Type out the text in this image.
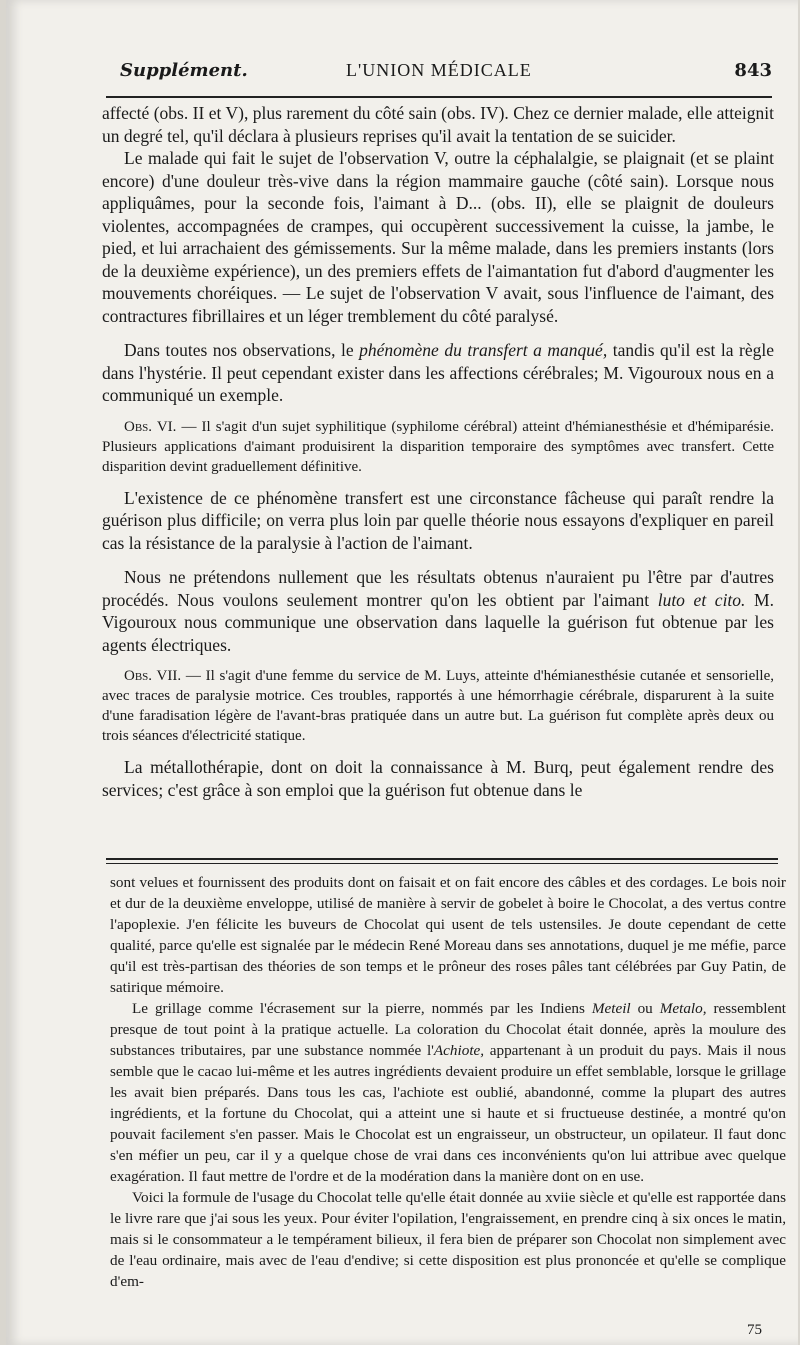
Supplément.	L'UNION MÉDICALE	843

affecté (obs. II et V), plus rarement du côté sain (obs. IV). Chez ce dernier malade, elle atteignit un degré tel, qu'il déclara à plusieurs reprises qu'il avait la tentation de se suicider.

Le malade qui fait le sujet de l'observation V, outre la céphalalgie, se plaignait (et se plaint encore) d'une douleur très-vive dans la région mammaire gauche (côté sain). Lorsque nous appliquâmes, pour la seconde fois, l'aimant à D... (obs. II), elle se plaignit de douleurs violentes, accompagnées de crampes, qui occupèrent successivement la cuisse, la jambe, le pied, et lui arrachaient des gémissements. Sur la même malade, dans les premiers instants (lors de la deuxième expérience), un des premiers effets de l'aimantation fut d'abord d'augmenter les mouvements choréiques. — Le sujet de l'observation V avait, sous l'influence de l'aimant, des contractures fibrillaires et un léger tremblement du côté paralysé.

Dans toutes nos observations, le phénomène du transfert a manqué, tandis qu'il est la règle dans l'hystérie. Il peut cependant exister dans les affections cérébrales; M. Vigouroux nous en a communiqué un exemple.

Obs. VI. — Il s'agit d'un sujet syphilitique (syphilome cérébral) atteint d'hémianesthésie et d'hémiparésie. Plusieurs applications d'aimant produisirent la disparition temporaire des symptômes avec transfert. Cette disparition devint graduellement définitive.

L'existence de ce phénomène transfert est une circonstance fâcheuse qui paraît rendre la guérison plus difficile; on verra plus loin par quelle théorie nous essayons d'expliquer en pareil cas la résistance de la paralysie à l'action de l'aimant.

Nous ne prétendons nullement que les résultats obtenus n'auraient pu l'être par d'autres procédés. Nous voulons seulement montrer qu'on les obtient par l'aimant luto et cito. M. Vigouroux nous communique une observation dans laquelle la guérison fut obtenue par les agents électriques.

Obs. VII. — Il s'agit d'une femme du service de M. Luys, atteinte d'hémianesthésie cutanée et sensorielle, avec traces de paralysie motrice. Ces troubles, rapportés à une hémorrhagie cérébrale, disparurent à la suite d'une faradisation légère de l'avant-bras pratiquée dans un autre but. La guérison fut complète après deux ou trois séances d'électricité statique.

La métallothérapie, dont on doit la connaissance à M. Burq, peut également rendre des services; c'est grâce à son emploi que la guérison fut obtenue dans le

sont velues et fournissent des produits dont on faisait et on fait encore des câbles et des cordages. Le bois noir et dur de la deuxième enveloppe, utilisé de manière à servir de gobelet à boire le Chocolat, a des vertus contre l'apoplexie. J'en félicite les buveurs de Chocolat qui usent de tels ustensiles. Je doute cependant de cette qualité, parce qu'elle est signalée par le médecin René Moreau dans ses annotations, duquel je me méfie, parce qu'il est très-partisan des théories de son temps et le prôneur des roses pâles tant célébrées par Guy Patin, de satirique mémoire.

Le grillage comme l'écrasement sur la pierre, nommés par les Indiens Meteil ou Metalo, ressemblent presque de tout point à la pratique actuelle. La coloration du Chocolat était donnée, après la moulure des substances tributaires, par une substance nommée l'Achiote, appartenant à un produit du pays. Mais il nous semble que le cacao lui-même et les autres ingrédients devaient produire un effet semblable, lorsque le grillage les avait bien préparés. Dans tous les cas, l'achiote est oublié, abandonné, comme la plupart des autres ingrédients, et la fortune du Chocolat, qui a atteint une si haute et si fructueuse destinée, a montré qu'on pouvait facilement s'en passer. Mais le Chocolat est un engraisseur, un obstructeur, un opilateur. Il faut donc s'en méfier un peu, car il y a quelque chose de vrai dans ces inconvénients qu'on lui attribue avec quelque exagération. Il faut mettre de l'ordre et de la modération dans la manière dont on en use.

Voici la formule de l'usage du Chocolat telle qu'elle était donnée au xviie siècle et qu'elle est rapportée dans le livre rare que j'ai sous les yeux. Pour éviter l'opilation, l'engraissement, en prendre cinq à six onces le matin, mais si le consommateur a le tempérament bilieux, il fera bien de préparer son Chocolat non simplement avec de l'eau ordinaire, mais avec de l'eau d'endive; si cette disposition est plus prononcée et qu'elle se complique d'em-

75
